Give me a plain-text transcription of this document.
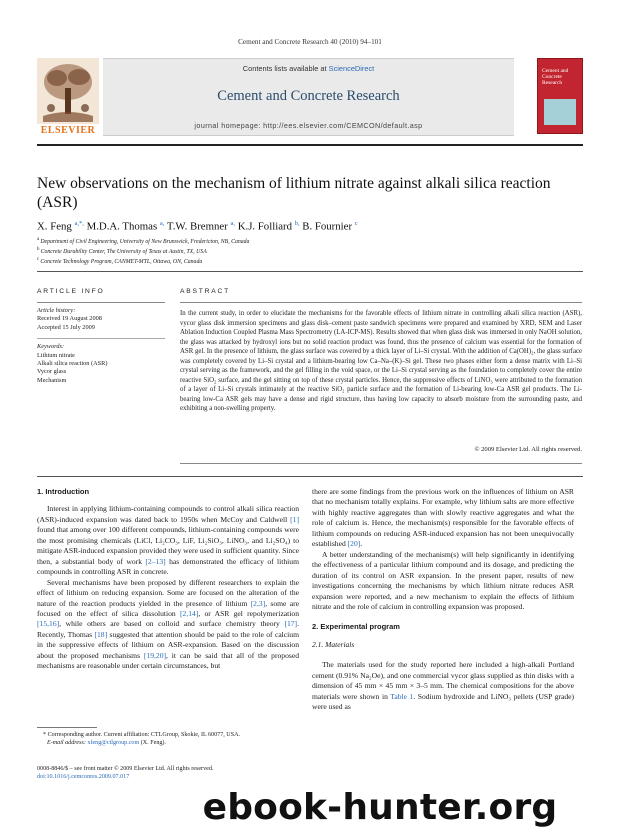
Cement and Concrete Research 40 (2010) 94–101
ELSEVIER
Contents lists available at ScienceDirect
Cement and Concrete Research
journal homepage: http://ees.elsevier.com/CEMCON/default.asp
Cement and Concrete Research
New observations on the mechanism of lithium nitrate against alkali silica reaction (ASR)
X. Feng $^{a,*,}$ M.D.A. Thomas $^{a,}$ T.W. Bremner $^{a,}$ K.J. Folliard $^{b,}$ B. Fournier $^c$
$^a$ Department of Civil Engineering, University of New Brunswick, Fredericton, NB, Canada
$^b$ Concrete Durability Center, The University of Texas at Austin, TX, USA
$^c$ Concrete Technology Program, CANMET-MTL, Ottawa, ON, Canada
ARTICLE INFO
Article history:
Received 19 August 2008
Accepted 15 July 2009
Keywords:
Lithium nitrate
Alkali silica reaction (ASR)
Vycor glass
Mechanism
ABSTRACT
In the current study, in order to elucidate the mechanisms for the favorable effects of lithium nitrate in controlling alkali silica reaction (ASR), vycor glass disk immersion specimens and glass disk–cement paste sandwich specimens were prepared and examined by XRD, SEM and Laser Ablation Induction Coupled Plasma Mass Spectrometry (LA-ICP-MS). Results showed that when glass disk was immersed in only NaOH solution, the glass was attacked by hydroxyl ions but no solid reaction product was found, thus the presence of calcium was essential for the formation of ASR gel. In the presence of lithium, the glass surface was covered by a thick layer of Li–Si crystal. With the addition of Ca(OH)₂, the glass surface was completely covered by Li–Si crystal and a lithium-bearing low Ca–Na–(K)–Si gel. These two phases either form a dense matrix with Li–Si crystal serving as the framework, and the gel filling in the void space, or the Li–Si crystal serving as the foundation to completely cover the entire reactive SiO₂ surface, and the gel sitting on top of these crystal particles. Hence, the suppressive effects of LiNO₃ were attributed to the formation of a layer of Li–Si crystals intimately at the reactive SiO₂ particle surface and the formation of Li-bearing low-Ca ASR gel products. The Li-bearing low-Ca ASR gels may have a dense and rigid structure, thus having low capacity to absorb moisture from the surrounding paste, and exhibiting a non-swelling property.
© 2009 Elsevier Ltd. All rights reserved.
1. Introduction

Interest in applying lithium-containing compounds to control alkali silica reaction (ASR)-induced expansion was dated back to 1950s when McCoy and Caldwell [1] found that among over 100 different compounds, lithium-containing compounds were the most promising chemicals (LiCl, Li₂CO₃, LiF, Li₂SiO₃, LiNO₃, and Li₂SO₄) to mitigate ASR-induced expansion provided they were used in sufficient quantity. Since then, a substantial body of work [2–13] has demonstrated the efficacy of lithium compounds in controlling ASR in concrete.

Several mechanisms have been proposed by different researchers to explain the effect of lithium on reducing expansion. Some are focused on the alteration of the nature of the reaction products yielded in the presence of lithium [2,3], some are focused on the effect of silica dissolution [2,14], or ASR gel repolymerization [15,16], while others are based on colloid and surface chemistry theory [17]. Recently, Thomas [18] suggested that attention should be paid to the role of calcium in the suppressive effects of lithium on ASR-expansion. Based on the discussion about the proposed mechanisms [19,20], it can be said that all of the proposed mechanisms are reasonable under certain circumstances, but

there are some findings from the previous work on the influences of lithium on ASR that no mechanism totally explains. For example, why lithium salts are more effective with highly reactive aggregates than with slowly reactive aggregates and what the role of calcium is. Hence, the mechanism(s) responsible for the favorable effects of lithium compounds on reducing ASR-induced expansion has not been unequivocally established [20].

A better understanding of the mechanism(s) will help significantly in identifying the effectiveness of a particular lithium compound and its dosage, and predicting the duration of its control on ASR expansion. In the present paper, results of new investigations concerning the mechanisms by which lithium nitrate reduces ASR expansion were reported, and a new mechanism to explain the effects of lithium nitrate and the role of calcium in controlling expansion was proposed.

2. Experimental program
2.1. Materials

The materials used for the study reported here included a high-alkali Portland cement (0.91% Na₂Oe), and one commercial vycor glass supplied as thin disks with a dimension of 45 mm × 45 mm × 3–5 mm. The chemical compositions for the above materials were shown in Table 1. Sodium hydroxide and LiNO₃ pellets (USP grade) were used as

* Corresponding author. Current affiliation: CTLGroup, Skokie, IL 60077, USA.
E-mail address: xfeng@ctlgroup.com (X. Feng).
0008-8846/$ – see front matter © 2009 Elsevier Ltd. All rights reserved.
doi:10.1016/j.cemconres.2009.07.017
ebook-hunter.org
